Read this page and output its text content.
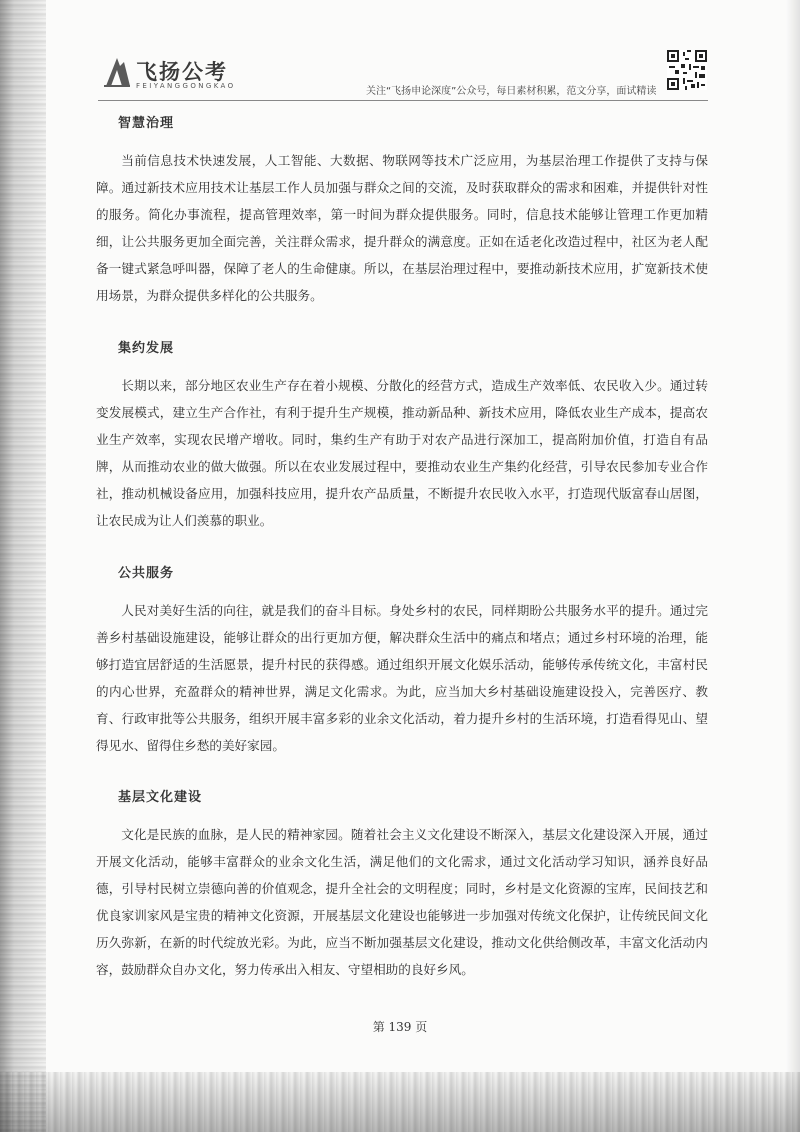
飞扬公考
FEIYANGGONGKAO	关注“飞扬申论深度”公众号，每日素材积累，范文分享，面试精读
智慧治理

当前信息技术快速发展，人工智能、大数据、物联网等技术广泛应用，为基层治理工作提供了支持与保障。通过新技术应用技术让基层工作人员加强与群众之间的交流，及时获取群众的需求和困难，并提供针对性的服务。简化办事流程，提高管理效率，第一时间为群众提供服务。同时，信息技术能够让管理工作更加精细，让公共服务更加全面完善，关注群众需求，提升群众的满意度。正如在适老化改造过程中，社区为老人配备一键式紧急呼叫器，保障了老人的生命健康。所以，在基层治理过程中，要推动新技术应用，扩宽新技术使用场景，为群众提供多样化的公共服务。

集约发展

长期以来，部分地区农业生产存在着小规模、分散化的经营方式，造成生产效率低、农民收入少。通过转变发展模式，建立生产合作社，有利于提升生产规模，推动新品种、新技术应用，降低农业生产成本，提高农业生产效率，实现农民增产增收。同时，集约生产有助于对农产品进行深加工，提高附加价值，打造自有品牌，从而推动农业的做大做强。所以在农业发展过程中，要推动农业生产集约化经营，引导农民参加专业合作社，推动机械设备应用，加强科技应用，提升农产品质量，不断提升农民收入水平，打造现代版富春山居图，让农民成为让人们羡慕的职业。

公共服务

人民对美好生活的向往，就是我们的奋斗目标。身处乡村的农民，同样期盼公共服务水平的提升。通过完善乡村基础设施建设，能够让群众的出行更加方便，解决群众生活中的痛点和堵点；通过乡村环境的治理，能够打造宜居舒适的生活愿景，提升村民的获得感。通过组织开展文化娱乐活动，能够传承传统文化，丰富村民的内心世界，充盈群众的精神世界，满足文化需求。为此，应当加大乡村基础设施建设投入，完善医疗、教育、行政审批等公共服务，组织开展丰富多彩的业余文化活动，着力提升乡村的生活环境，打造看得见山、望得见水、留得住乡愁的美好家园。

基层文化建设

文化是民族的血脉，是人民的精神家园。随着社会主义文化建设不断深入，基层文化建设深入开展，通过开展文化活动，能够丰富群众的业余文化生活，满足他们的文化需求，通过文化活动学习知识，涵养良好品德，引导村民树立崇德向善的价值观念，提升全社会的文明程度；同时，乡村是文化资源的宝库，民间技艺和优良家训家风是宝贵的精神文化资源，开展基层文化建设也能够进一步加强对传统文化保护，让传统民间文化历久弥新，在新的时代绽放光彩。为此，应当不断加强基层文化建设，推动文化供给侧改革，丰富文化活动内容，鼓励群众自办文化，努力传承出入相友、守望相助的良好乡风。

第 139 页
